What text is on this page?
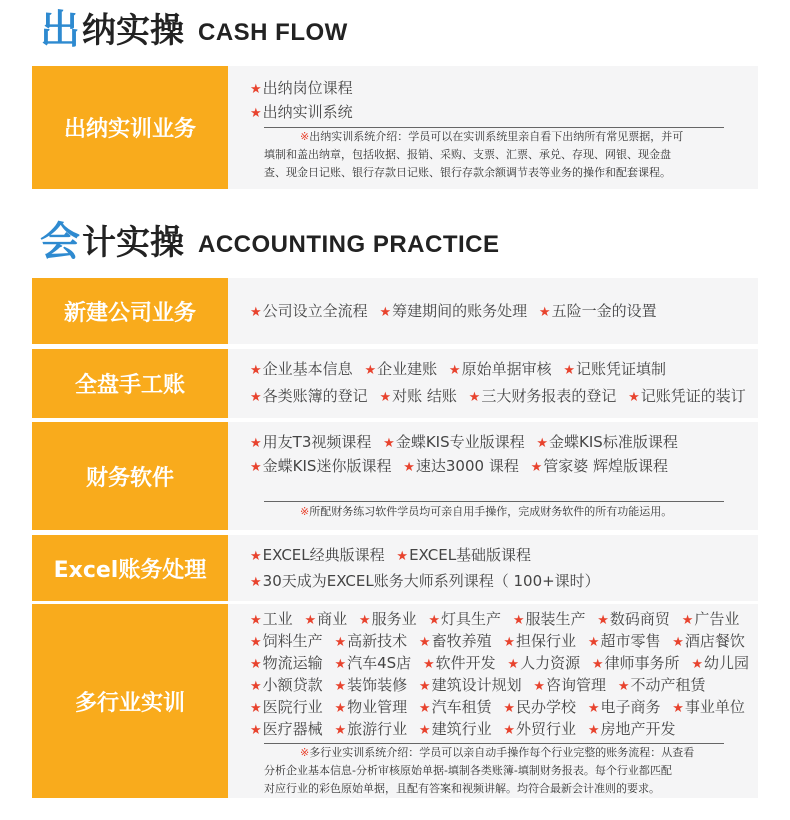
出 纳实操 CASH FLOW
出纳实训业务
★ 出纳岗位课程
★ 出纳实训系统
※出纳实训系统介绍：学员可以在实训系统里亲自看下出纳所有常见票据，并可
填制和盖出纳章，包括收据、报销、采购、支票、汇票、承兑、存现、网银、现金盘
查、现金日记账、银行存款日记账、银行存款余额调节表等业务的操作和配套课程。
会 计实操 ACCOUNTING PRACTICE
新建公司业务	★ 公司设立全流程 ★ 筹建期间的账务处理 ★ 五险一金的设置
全盘手工账
★ 企业基本信息 ★ 企业建账 ★ 原始单据审核 ★ 记账凭证填制
★ 各类账簿的登记 ★ 对账 结账 ★ 三大财务报表的登记 ★ 记账凭证的装订
财务软件
★ 用友T3视频课程 ★ 金蝶KIS专业版课程 ★ 金蝶KIS标准版课程
★ 金蝶KIS迷你版课程 ★ 速达3000 课程 ★ 管家婆 辉煌版课程
※所配财务练习软件学员均可亲自用手操作，完成财务软件的所有功能运用。
Excel账务处理
★ EXCEL经典版课程 ★ EXCEL基础版课程
★ 30天成为EXCEL账务大师系列课程（ 100+课时）
多行业实训
★ 工业 ★ 商业 ★ 服务业 ★ 灯具生产 ★ 服装生产 ★ 数码商贸 ★ 广告业
★ 饲料生产 ★ 高新技术 ★ 畜牧养殖 ★ 担保行业 ★ 超市零售 ★ 酒店餐饮
★ 物流运输 ★ 汽车4S店 ★ 软件开发 ★ 人力资源 ★ 律师事务所 ★ 幼儿园
★ 小额贷款 ★ 装饰装修 ★ 建筑设计规划 ★ 咨询管理 ★ 不动产租赁
★ 医院行业 ★ 物业管理 ★ 汽车租赁 ★ 民办学校 ★ 电子商务 ★ 事业单位
★ 医疗器械 ★ 旅游行业 ★ 建筑行业 ★ 外贸行业 ★ 房地产开发
※多行业实训系统介绍：学员可以亲自动手操作每个行业完整的账务流程：从查看
分析企业基本信息-分析审核原始单据-填制各类账簿-填制财务报表。每个行业都匹配
对应行业的彩色原始单据，且配有答案和视频讲解。均符合最新会计准则的要求。
